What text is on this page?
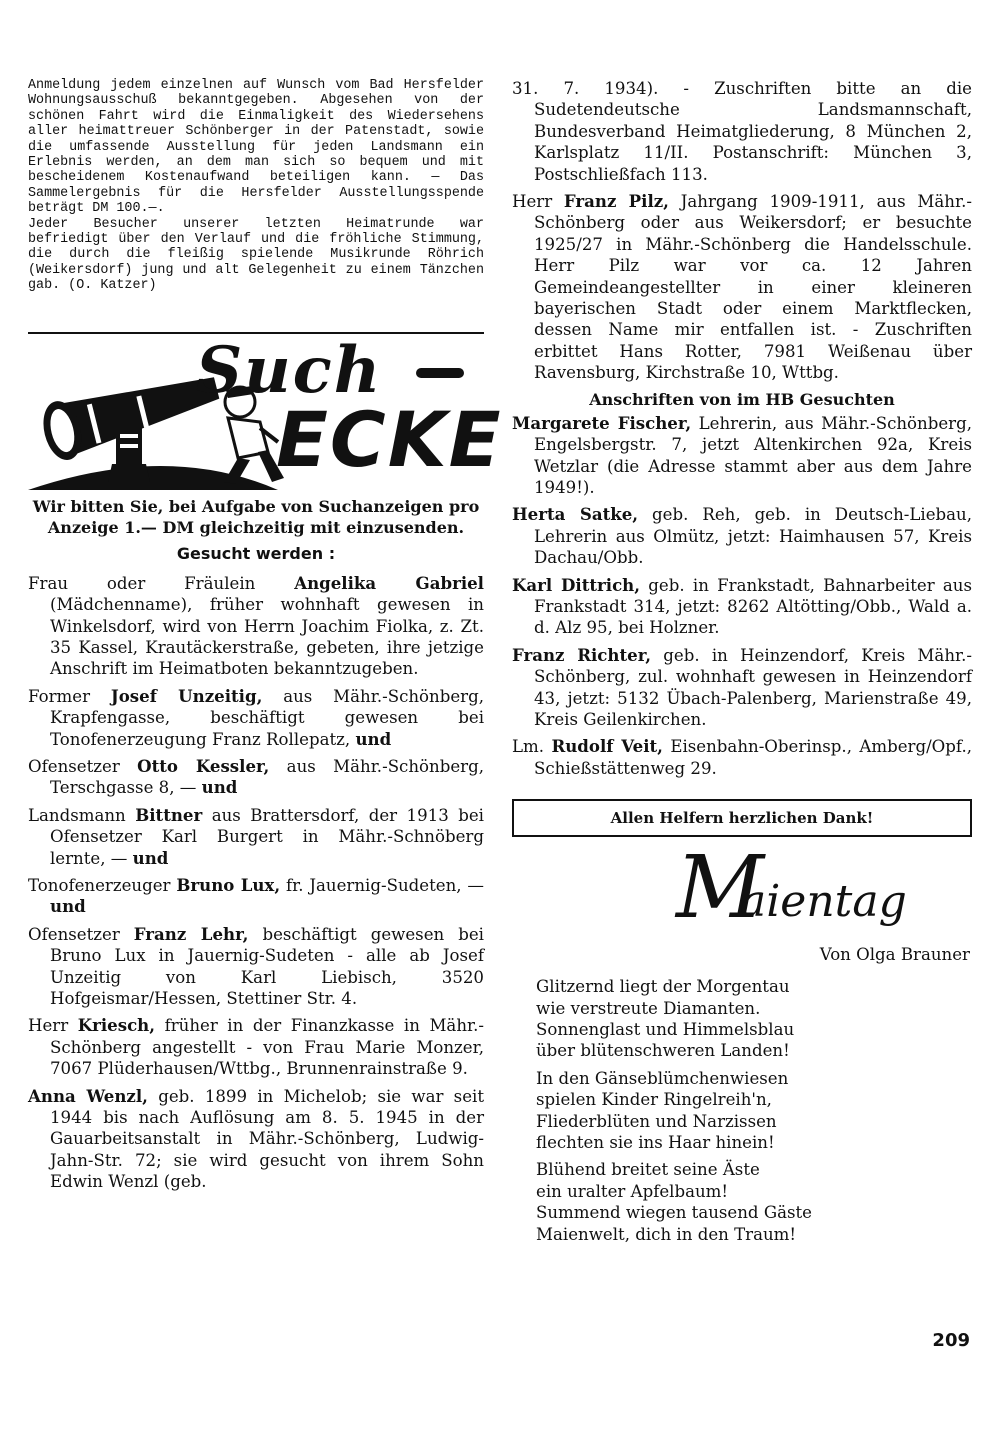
Anmeldung jedem einzelnen auf Wunsch vom Bad Hersfelder Wohnungsausschuß bekanntgegeben. Abgesehen von der schönen Fahrt wird die Einmaligkeit des Wiedersehens aller heimattreuer Schönberger in der Patenstadt, sowie die umfassende Ausstellung für jeden Landsmann ein Erlebnis werden, an dem man sich so bequem und mit bescheidenem Kostenaufwand beteiligen kann. — Das Sammelergebnis für die Hersfelder Ausstellungsspende beträgt DM 100.—.

Jeder Besucher unserer letzten Heimatrunde war befriedigt über den Verlauf und die fröhliche Stimmung, die durch die fleißig spielende Musikrunde Röhrich (Weikersdorf) jung und alt Gelegenheit zu einem Tänzchen gab. (O. Katzer)

Such
ECKE
Wir bitten Sie, bei Aufgabe von Suchanzeigen pro Anzeige 1.— DM gleichzeitig mit einzusenden.
Gesucht werden :
Frau oder Fräulein Angelika Gabriel (Mädchenname), früher wohnhaft gewesen in Winkelsdorf, wird von Herrn Joachim Fiolka, z. Zt. 35 Kassel, Krautäckerstraße, gebeten, ihre jetzige Anschrift im Heimatboten bekanntzugeben.
Former Josef Unzeitig, aus Mähr.-Schönberg, Krapfengasse, beschäftigt gewesen bei Tonofenerzeugung Franz Rollepatz, und
Ofensetzer Otto Kessler, aus Mähr.-Schönberg, Terschgasse 8, — und
Landsmann Bittner aus Brattersdorf, der 1913 bei Ofensetzer Karl Burgert in Mähr.-Schnöberg lernte, — und
Tonofenerzeuger Bruno Lux, fr. Jauernig-Sudeten, — und
Ofensetzer Franz Lehr, beschäftigt gewesen bei Bruno Lux in Jauernig-Sudeten - alle ab Josef Unzeitig von Karl Liebisch, 3520 Hofgeismar/Hessen, Stettiner Str. 4.
Herr Kriesch, früher in der Finanzkasse in Mähr.-Schönberg angestellt - von Frau Marie Monzer, 7067 Plüderhausen/Wttbg., Brunnenrainstraße 9.
Anna Wenzl, geb. 1899 in Michelob; sie war seit 1944 bis nach Auflösung am 8. 5. 1945 in der Gauarbeitsanstalt in Mähr.-Schönberg, Ludwig-Jahn-Str. 72; sie wird gesucht von ihrem Sohn Edwin Wenzl (geb.
31. 7. 1934). - Zuschriften bitte an die Sudetendeutsche Landsmannschaft, Bundesverband Heimatgliederung, 8 München 2, Karlsplatz 11/II. Postanschrift: München 3, Postschließfach 113.
Herr Franz Pilz, Jahrgang 1909-1911, aus Mähr.-Schönberg oder aus Weikersdorf; er besuchte 1925/27 in Mähr.-Schönberg die Handelsschule. Herr Pilz war vor ca. 12 Jahren Gemeindeangestellter in einer kleineren bayerischen Stadt oder einem Marktflecken, dessen Name mir entfallen ist. - Zuschriften erbittet Hans Rotter, 7981 Weißenau über Ravensburg, Kirchstraße 10, Wttbg.
Anschriften von im HB Gesuchten
Margarete Fischer, Lehrerin, aus Mähr.-Schönberg, Engelsbergstr. 7, jetzt Altenkirchen 92a, Kreis Wetzlar (die Adresse stammt aber aus dem Jahre 1949!).
Herta Satke, geb. Reh, geb. in Deutsch-Liebau, Lehrerin aus Olmütz, jetzt: Haimhausen 57, Kreis Dachau/Obb.
Karl Dittrich, geb. in Frankstadt, Bahnarbeiter aus Frankstadt 314, jetzt: 8262 Altötting/Obb., Wald a. d. Alz 95, bei Holzner.
Franz Richter, geb. in Heinzendorf, Kreis Mähr.-Schönberg, zul. wohnhaft gewesen in Heinzendorf 43, jetzt: 5132 Übach-Palenberg, Marienstraße 49, Kreis Geilenkirchen.
Lm. Rudolf Veit, Eisenbahn-Oberinsp., Amberg/Opf., Schießstättenweg 29.
Allen Helfern herzlichen Dank!
M
aientag
Von Olga Brauner
Glitzernd liegt der Morgentau
wie verstreute Diamanten.
Sonnenglast und Himmelsblau
über blütenschweren Landen!
In den Gänseblümchenwiesen
spielen Kinder Ringelreih'n,
Fliederblüten und Narzissen
flechten sie ins Haar hinein!
Blühend breitet seine Äste
ein uralter Apfelbaum!
Summend wiegen tausend Gäste
Maienwelt, dich in den Traum!
209
